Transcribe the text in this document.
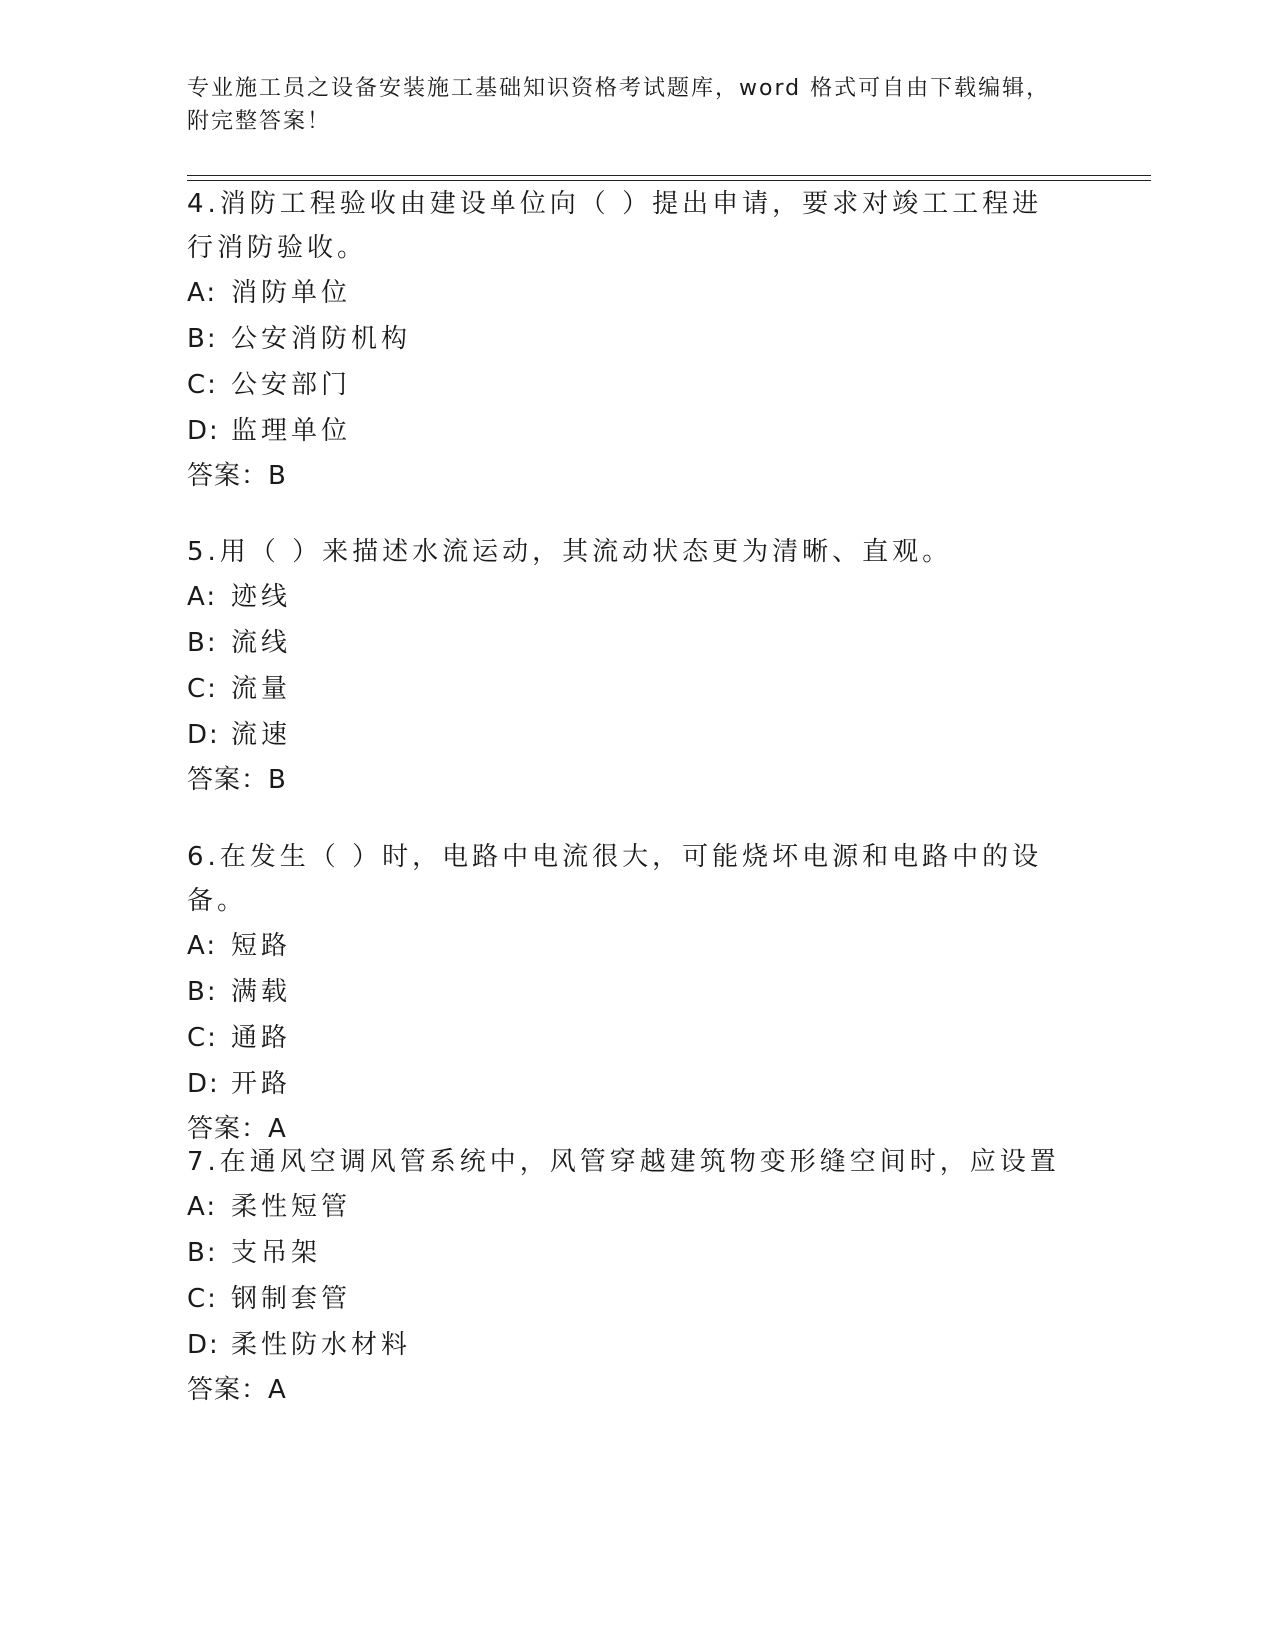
专业施工员之设备安装施工基础知识资格考试题库，word 格式可自由下载编辑，附完整答案！

4.消防工程验收由建设单位向（ ）提出申请，要求对竣工工程进行消防验收。

A: 消防单位
B: 公安消防机构
C: 公安部门
D: 监理单位

答案：B

5.用（ ）来描述水流运动，其流动状态更为清晰、直观。

A: 迹线
B: 流线
C: 流量
D: 流速

答案：B

6.在发生（ ）时，电路中电流很大，可能烧坏电源和电路中的设备。

A: 短路
B: 满载
C: 通路
D: 开路

答案：A

7.在通风空调风管系统中，风管穿越建筑物变形缝空间时，应设置

A: 柔性短管
B: 支吊架
C: 钢制套管
D: 柔性防水材料

答案：A
